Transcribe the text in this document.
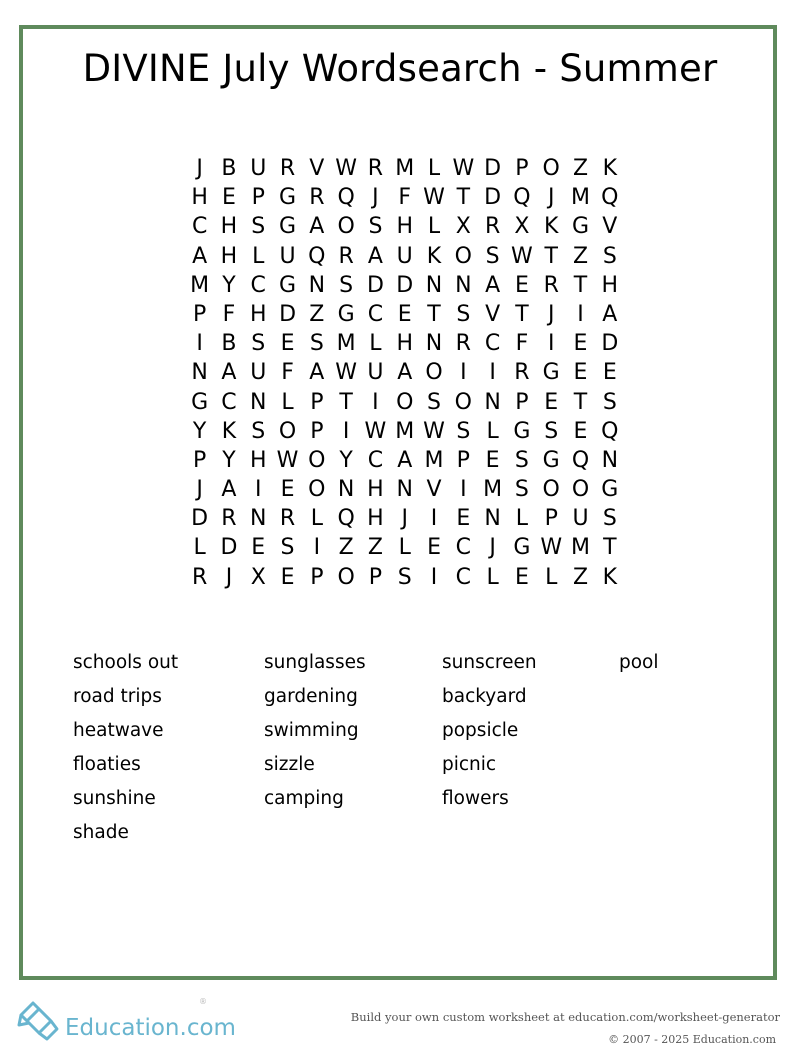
DIVINE July Wordsearch - Summer
J B U R V W R M L W D P O Z K
H E P G R Q J F W T D Q J M Q
C H S G A O S H L X R X K G V
A H L U Q R A U K O S W T Z S
M Y C G N S D D N N A E R T H
P F H D Z G C E T S V T J I A
I B S E S M L H N R C F I E D
N A U F A W U A O I I R G E E
G C N L P T I O S O N P E T S
Y K S O P I W M W S L G S E Q
P Y H W O Y C A M P E S G Q N
J A I E O N H N V I M S O O G
D R N R L Q H J I E N L P U S
L D E S I Z Z L E C J G W M T
R J X E P O P S I C L E L Z K
schools out
road trips
heatwave
floaties
sunshine
shade
sunglasses
gardening
swimming
sizzle
camping
sunscreen
backyard
popsicle
picnic
flowers
pool
Education.com
®
Build your own custom worksheet at education.com/worksheet-generator
© 2007 - 2025 Education.com
